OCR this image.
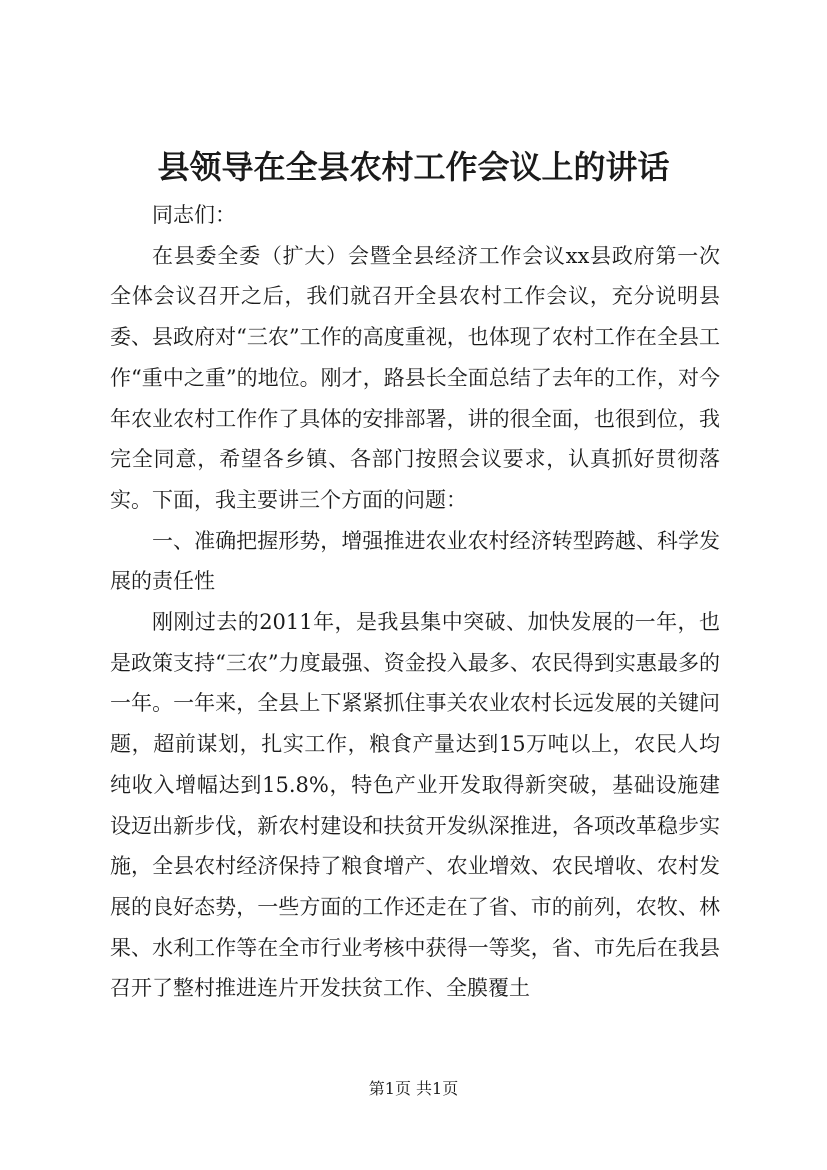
县领导在全县农村工作会议上的讲话

同志们：

在县委全委（扩大）会暨全县经济工作会议xx县政府第一次全体会议召开之后，我们就召开全县农村工作会议，充分说明县委、县政府对“三农”工作的高度重视，也体现了农村工作在全县工作“重中之重”的地位。刚才，路县长全面总结了去年的工作，对今年农业农村工作作了具体的安排部署，讲的很全面，也很到位，我完全同意，希望各乡镇、各部门按照会议要求，认真抓好贯彻落实。下面，我主要讲三个方面的问题：

一、准确把握形势，增强推进农业农村经济转型跨越、科学发展的责任性

刚刚过去的2011年，是我县集中突破、加快发展的一年，也是政策支持“三农”力度最强、资金投入最多、农民得到实惠最多的一年。一年来，全县上下紧紧抓住事关农业农村长远发展的关键问题，超前谋划，扎实工作，粮食产量达到15万吨以上，农民人均纯收入增幅达到15.8%，特色产业开发取得新突破，基础设施建设迈出新步伐，新农村建设和扶贫开发纵深推进，各项改革稳步实施，全县农村经济保持了粮食增产、农业增效、农民增收、农村发展的良好态势，一些方面的工作还走在了省、市的前列，农牧、林果、水利工作等在全市行业考核中获得一等奖，省、市先后在我县召开了整村推进连片开发扶贫工作、全膜覆土

第1页 共1页
